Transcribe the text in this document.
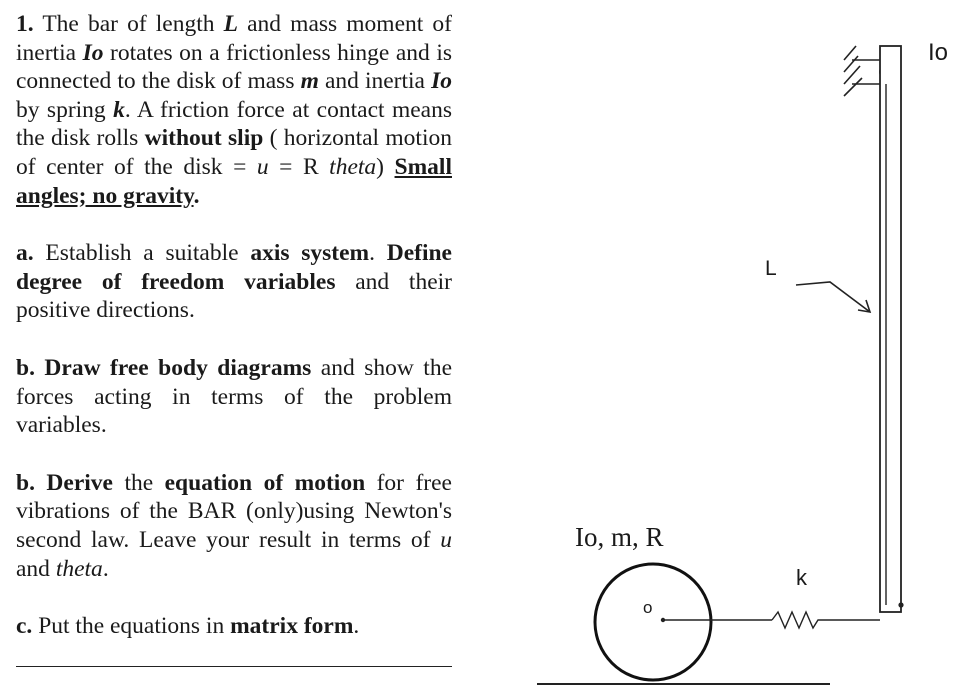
1. The bar of length L and mass moment of inertia Io rotates on a frictionless hinge and is connected to the disk of mass m and inertia Io by spring k. A friction force at contact means the disk rolls without slip ( horizontal motion of center of the disk = u = R theta) Small angles; no gravity.

a. Establish a suitable axis system. Define degree of freedom variables and their positive directions.

b. Draw free body diagrams and show the forces acting in terms of the problem variables.

b. Derive the equation of motion for free vibrations of the BAR (only)using Newton's second law. Leave your result in terms of u and theta.

c. Put the equations in matrix form.

Io
L
Io, m, R
o
k
